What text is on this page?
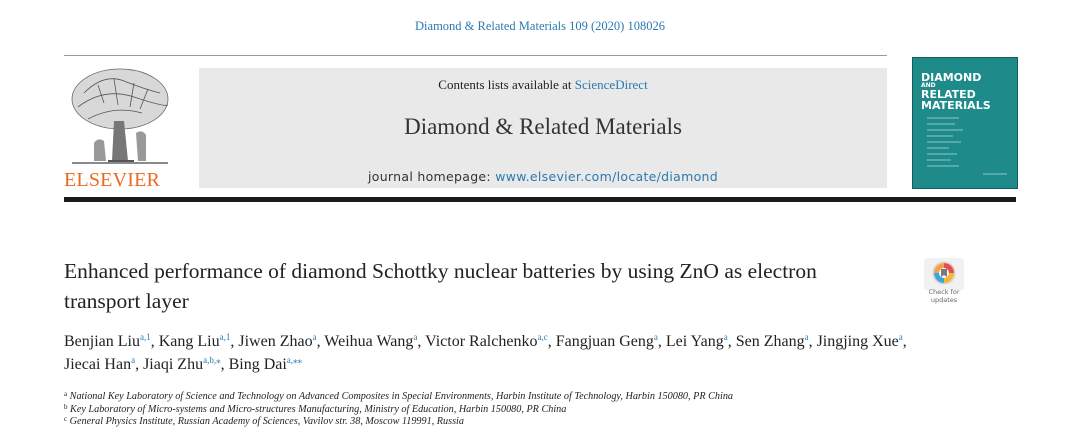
Diamond & Related Materials 109 (2020) 108026
ELSEVIER
Contents lists available at ScienceDirect
Diamond & Related Materials
journal homepage: www.elsevier.com/locate/diamond
DIAMOND

AND
RELATED
MATERIALS
Enhanced performance of diamond Schottky nuclear batteries by using ZnO as electron transport layer	Check for
updates
Benjian Liu$^{a,1}$, Kang Liu$^{a,1}$, Jiwen Zhao$^a$, Weihua Wang$^a$, Victor Ralchenko$^{a,c}$, Fangjuan Geng$^a$, Lei Yang$^a$, Sen Zhang$^a$, Jingjing Xue$^a$, Jiecai Han$^a$, Jiaqi Zhu$^{a,b,⁎}$, Bing Dai$^{a,⁎⁎}$
$^a$ National Key Laboratory of Science and Technology on Advanced Composites in Special Environments, Harbin Institute of Technology, Harbin 150080, PR China
$^b$ Key Laboratory of Micro-systems and Micro-structures Manufacturing, Ministry of Education, Harbin 150080, PR China
$^c$ General Physics Institute, Russian Academy of Sciences, Vavilov str. 38, Moscow 119991, Russia
